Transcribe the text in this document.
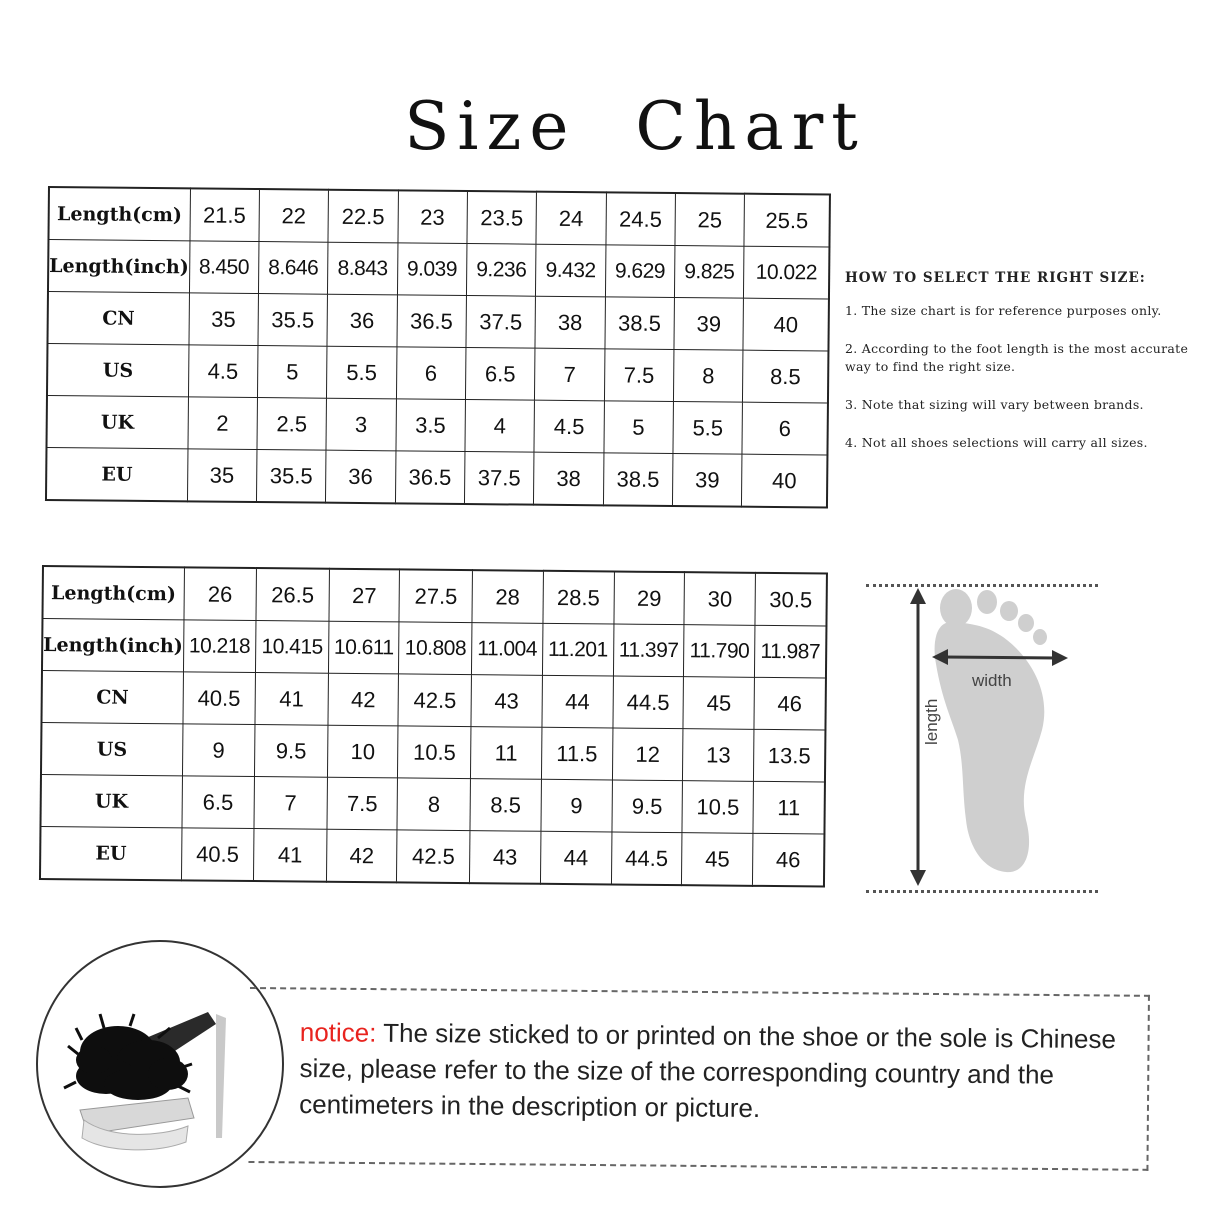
Size Chart
Length(cm)	21.5	22	22.5	23	23.5	24	24.5	25	25.5
Length(inch)	8.450	8.646	8.843	9.039	9.236	9.432	9.629	9.825	10.022
CN	35	35.5	36	36.5	37.5	38	38.5	39	40
US	4.5	5	5.5	6	6.5	7	7.5	8	8.5
UK	2	2.5	3	3.5	4	4.5	5	5.5	6
EU	35	35.5	36	36.5	37.5	38	38.5	39	40
Length(cm)	26	26.5	27	27.5	28	28.5	29	30	30.5
Length(inch)	10.218	10.415	10.611	10.808	11.004	11.201	11.397	11.790	11.987
CN	40.5	41	42	42.5	43	44	44.5	45	46
US	9	9.5	10	10.5	11	11.5	12	13	13.5
UK	6.5	7	7.5	8	8.5	9	9.5	10.5	11
EU	40.5	41	42	42.5	43	44	44.5	45	46
HOW TO SELECT THE RIGHT SIZE:
1. The size chart is for reference purposes only.
2. According to the foot length is the most accurate way to find the right size.
3. Note that sizing will vary between brands.
4. Not all shoes selections will carry all sizes.
width
length
notice: The size sticked to or printed on the shoe or the sole is Chinese size, please refer to the size of the corresponding country and the centimeters in the description or picture.
